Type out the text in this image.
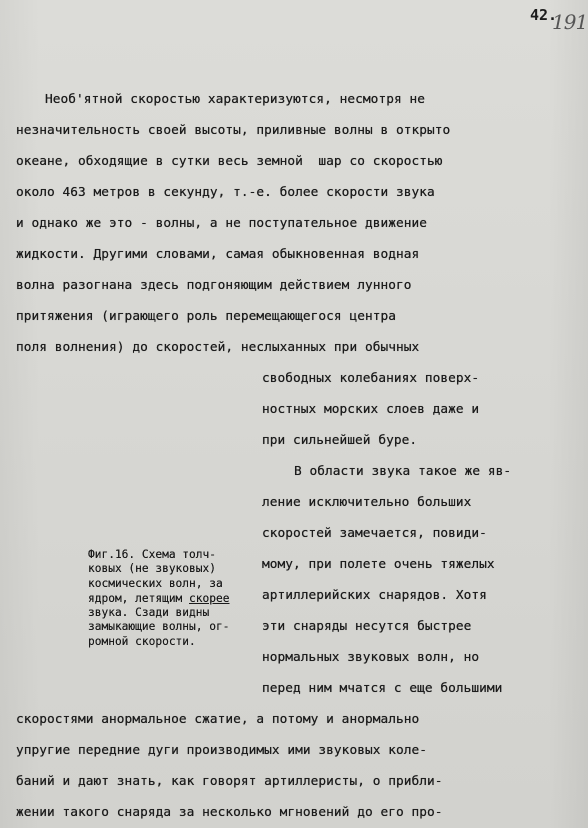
42.
191
Необ'ятной скоростью характеризуются, несмотря не
незначительность своей высоты, приливные волны в открыто
океане, обходящие в сутки весь земной  шар со скоростью
около 463 метров в секунду, т.-е. более скорости звука
и однако же это - волны, а не поступательное движение
жидкости. Другими словами, самая обыкновенная водная
волна разогнана здесь подгоняющим действием лунного
притяжения (играющего роль перемещающегося центра
поля волнения) до скоростей, неслыханных при обычных
свободных колебаниях поверх-
ностных морских слоев даже и
при сильнейшей буре.
В области звука такое же яв-
ление исключительно больших
скоростей замечается, повиди-
мому, при полете очень тяжелых
артиллерийских снарядов. Хотя
эти снаряды несутся быстрее
нормальных звуковых волн, но
перед ним мчатся с еще большими
скоростями анормальное сжатие, а потому и анормально
упругие передние дуги производимых ими звуковых коле-
баний и дают знать, как говорят артиллеристы, о прибли-
жении такого снаряда за несколько мгновений до его про-
Фиг.16. Схема толч-
ковых (не звуковых)
космических волн, за
ядром, летящим скорее
звука. Сзади видны
замыкающие волны, ог-
ромной скорости.
